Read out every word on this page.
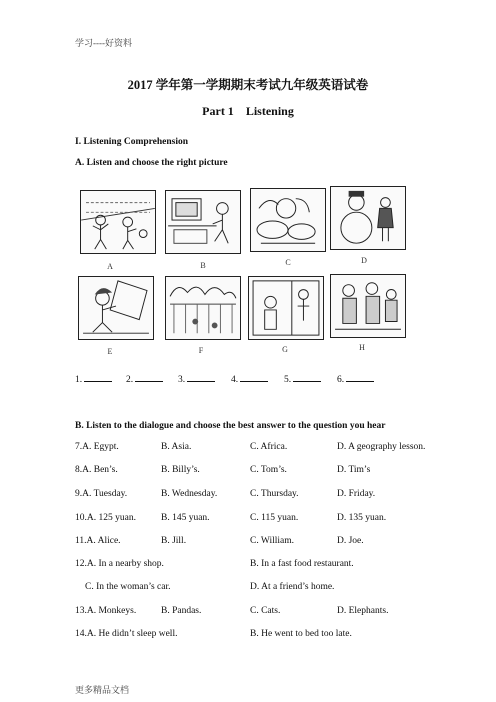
学习----好资料
2017 学年第一学期期末考试九年级英语试卷
Part 1 Listening
I. Listening Comprehension
A. Listen and choose the right picture
A	B	C	D
E	F	G	H
1.	2.	3.	4.	5.	6.
B. Listen to the dialogue and choose the best answer to the question you hear
7.A. Egypt.	B. Asia.	C. Africa.	D. A geography lesson.
8.A. Ben’s.	B. Billy’s.	C. Tom’s.	D. Tim’s
9.A. Tuesday.	B. Wednesday.	C. Thursday.	D. Friday.
10.A. 125 yuan.	B. 145 yuan.	C. 115 yuan.	D. 135 yuan.
11.A. Alice.	B. Jill.	C. William.	D. Joe.
12.A. In a nearby shop.	B. In a fast food restaurant.
C. In the woman’s car.	D. At a friend’s home.
13.A. Monkeys.	B. Pandas.	C. Cats.	D. Elephants.
14.A. He didn’t sleep well.	B. He went to bed too late.
更多精品文档
